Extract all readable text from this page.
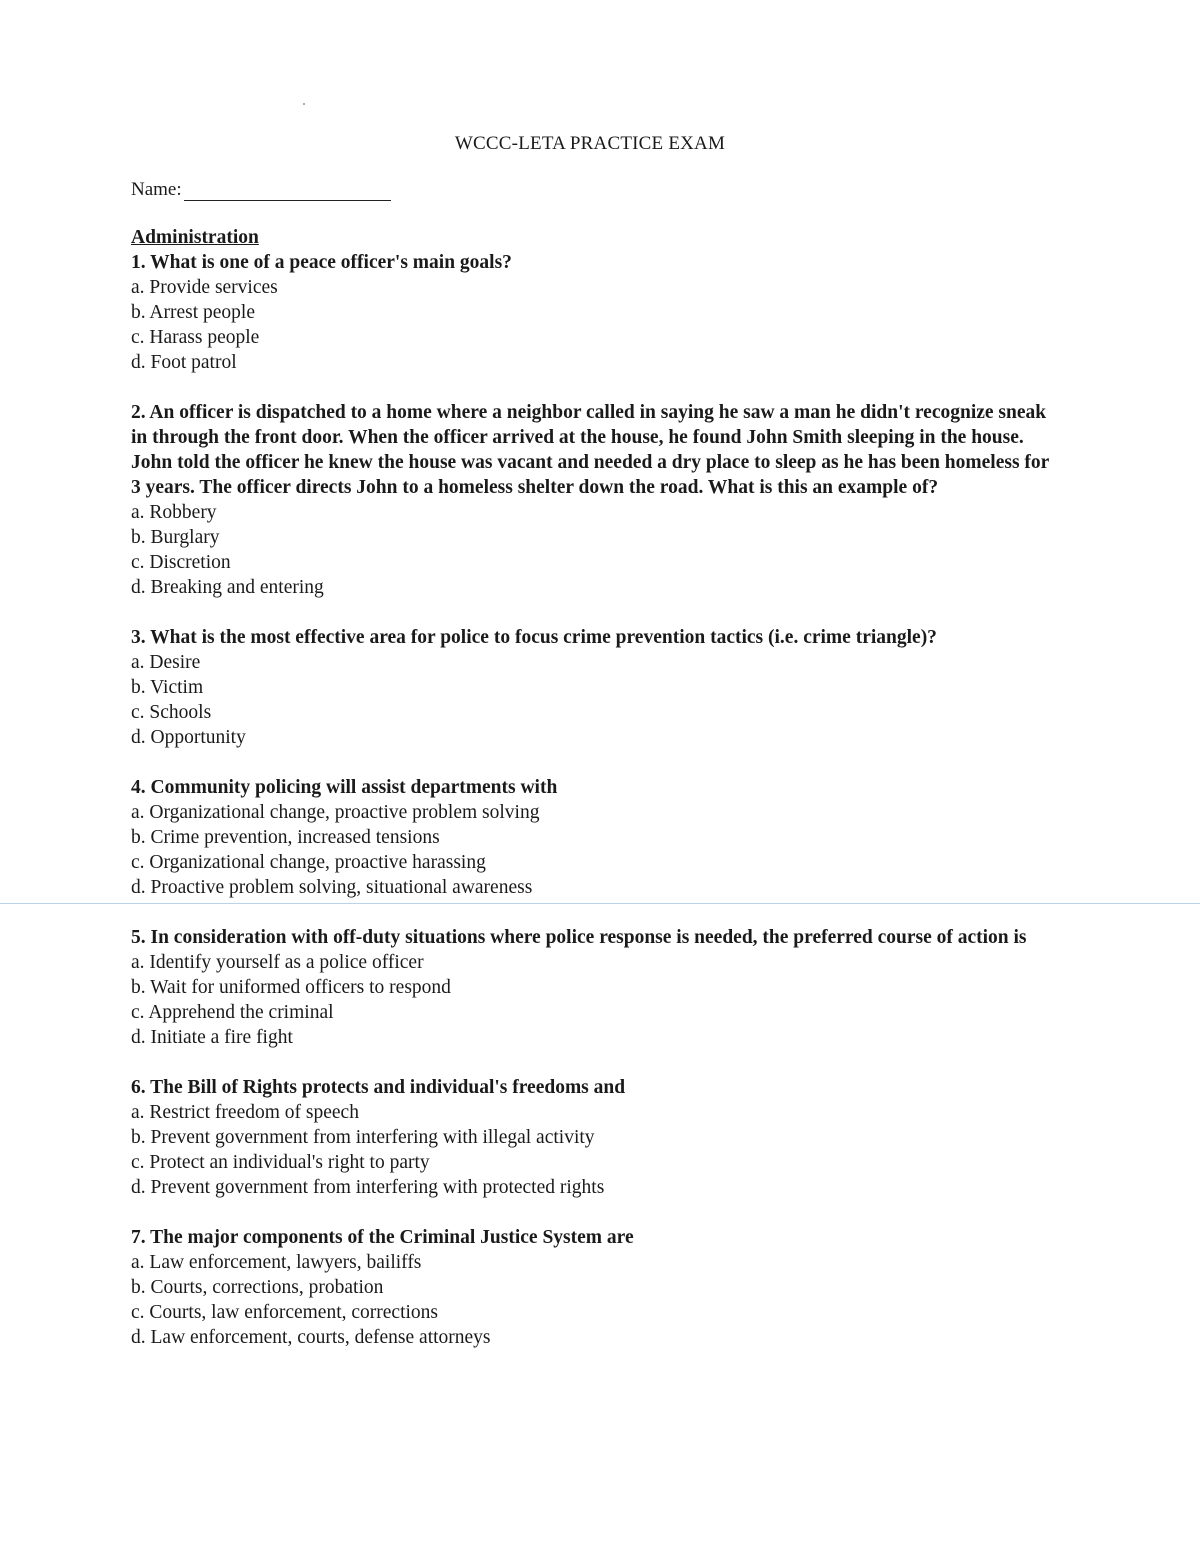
WCCC-LETA PRACTICE EXAM
Name:

Administration

1. What is one of a peace officer's main goals?

a. Provide services

b. Arrest people

c. Harass people

d. Foot patrol

2. An officer is dispatched to a home where a neighbor called in saying he saw a man he didn't recognize sneak in through the front door. When the officer arrived at the house, he found John Smith sleeping in the house. John told the officer he knew the house was vacant and needed a dry place to sleep as he has been homeless for 3 years. The officer directs John to a homeless shelter down the road. What is this an example of?

a. Robbery

b. Burglary

c. Discretion

d. Breaking and entering

3. What is the most effective area for police to focus crime prevention tactics (i.e. crime triangle)?

a. Desire

b. Victim

c. Schools

d. Opportunity

4. Community policing will assist departments with

a. Organizational change, proactive problem solving

b. Crime prevention, increased tensions

c. Organizational change, proactive harassing

d. Proactive problem solving, situational awareness

5. In consideration with off-duty situations where police response is needed, the preferred course of action is

a. Identify yourself as a police officer

b. Wait for uniformed officers to respond

c. Apprehend the criminal

d. Initiate a fire fight

6. The Bill of Rights protects and individual's freedoms and

a. Restrict freedom of speech

b. Prevent government from interfering with illegal activity

c. Protect an individual's right to party

d. Prevent government from interfering with protected rights

7. The major components of the Criminal Justice System are

a. Law enforcement, lawyers, bailiffs

b. Courts, corrections, probation

c. Courts, law enforcement, corrections

d. Law enforcement, courts, defense attorneys
